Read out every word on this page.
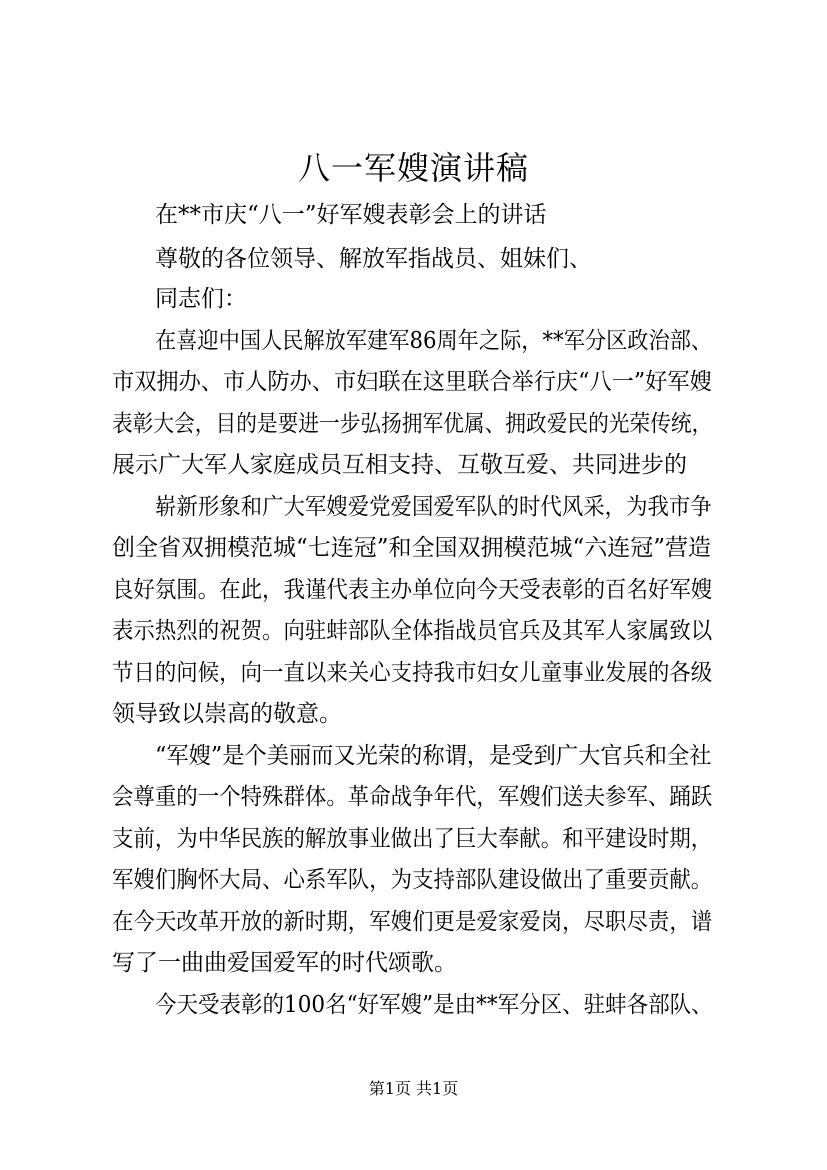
八一军嫂演讲稿
在**市庆“八一”好军嫂表彰会上的讲话
尊敬的各位领导、解放军指战员、姐妹们、
同志们：
在喜迎中国人民解放军建军86周年之际，**军分区政治部、
市双拥办、市人防办、市妇联在这里联合举行庆“八一”好军嫂
表彰大会，目的是要进一步弘扬拥军优属、拥政爱民的光荣传统，
展示广大军人家庭成员互相支持、互敬互爱、共同进步的
崭新形象和广大军嫂爱党爱国爱军队的时代风采，为我市争
创全省双拥模范城“七连冠”和全国双拥模范城“六连冠”营造
良好氛围。在此，我谨代表主办单位向今天受表彰的百名好军嫂
表示热烈的祝贺。向驻蚌部队全体指战员官兵及其军人家属致以
节日的问候，向一直以来关心支持我市妇女儿童事业发展的各级
领导致以崇高的敬意。
“军嫂”是个美丽而又光荣的称谓，是受到广大官兵和全社
会尊重的一个特殊群体。革命战争年代，军嫂们送夫参军、踊跃
支前，为中华民族的解放事业做出了巨大奉献。和平建设时期，
军嫂们胸怀大局、心系军队，为支持部队建设做出了重要贡献。
在今天改革开放的新时期，军嫂们更是爱家爱岗，尽职尽责，谱
写了一曲曲爱国爱军的时代颂歌。
今天受表彰的100名“好军嫂”是由**军分区、驻蚌各部队、
第1页 共1页
